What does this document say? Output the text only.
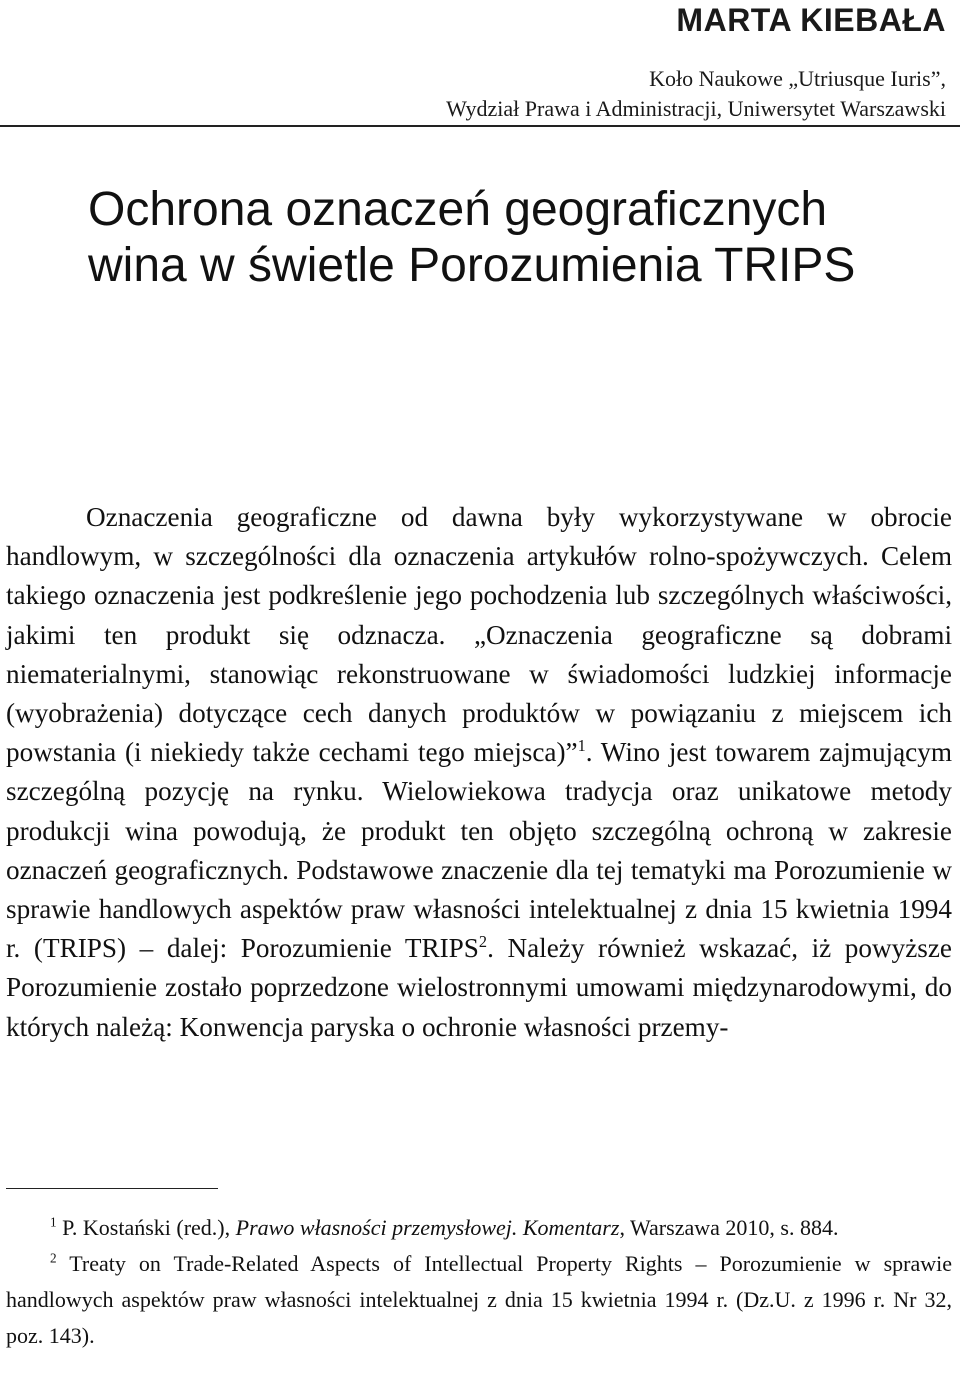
MARTA KIEBAŁA

Koło Naukowe „Utriusque Iuris”,
Wydział Prawa i Administracji, Uniwersytet Warszawski

Ochrona oznaczeń geograficznych
wina w świetle Porozumienia TRIPS

Oznaczenia geograficzne od dawna były wykorzystywane w obrocie handlowym, w szczególności dla oznaczenia artykułów rolno-spożywczych. Celem takiego oznaczenia jest podkreślenie jego pochodzenia lub szczególnych właściwości, jakimi ten produkt się odznacza. „Oznaczenia geograficzne są dobrami niematerialnymi, stanowiąc rekonstruowane w świadomości ludzkiej informacje (wyobrażenia) dotyczące cech danych produktów w powiązaniu z miejscem ich powstania (i niekiedy także cechami tego miejsca)”$^1$. Wino jest towarem zajmującym szczególną pozycję na rynku. Wielowiekowa tradycja oraz unikatowe metody produkcji wina powodują, że produkt ten objęto szczególną ochroną w zakresie oznaczeń geograficznych. Podstawowe znaczenie dla tej tematyki ma Porozumienie w sprawie handlowych aspektów praw własności intelektualnej z dnia 15 kwietnia 1994 r. (TRIPS) – dalej: Porozumienie TRIPS$^2$. Należy również wskazać, iż powyższe Porozumienie zostało poprzedzone wielostronnymi umowami międzynarodowymi, do których należą: Konwencja paryska o ochronie własności przemy-

$^1$ P. Kostański (red.), Prawo własności przemysłowej. Komentarz, Warszawa 2010, s. 884.

$^2$ Treaty on Trade-Related Aspects of Intellectual Property Rights – Porozumienie w sprawie handlowych aspektów praw własności intelektualnej z dnia 15 kwietnia 1994 r. (Dz.U. z 1996 r. Nr 32, poz. 143).
